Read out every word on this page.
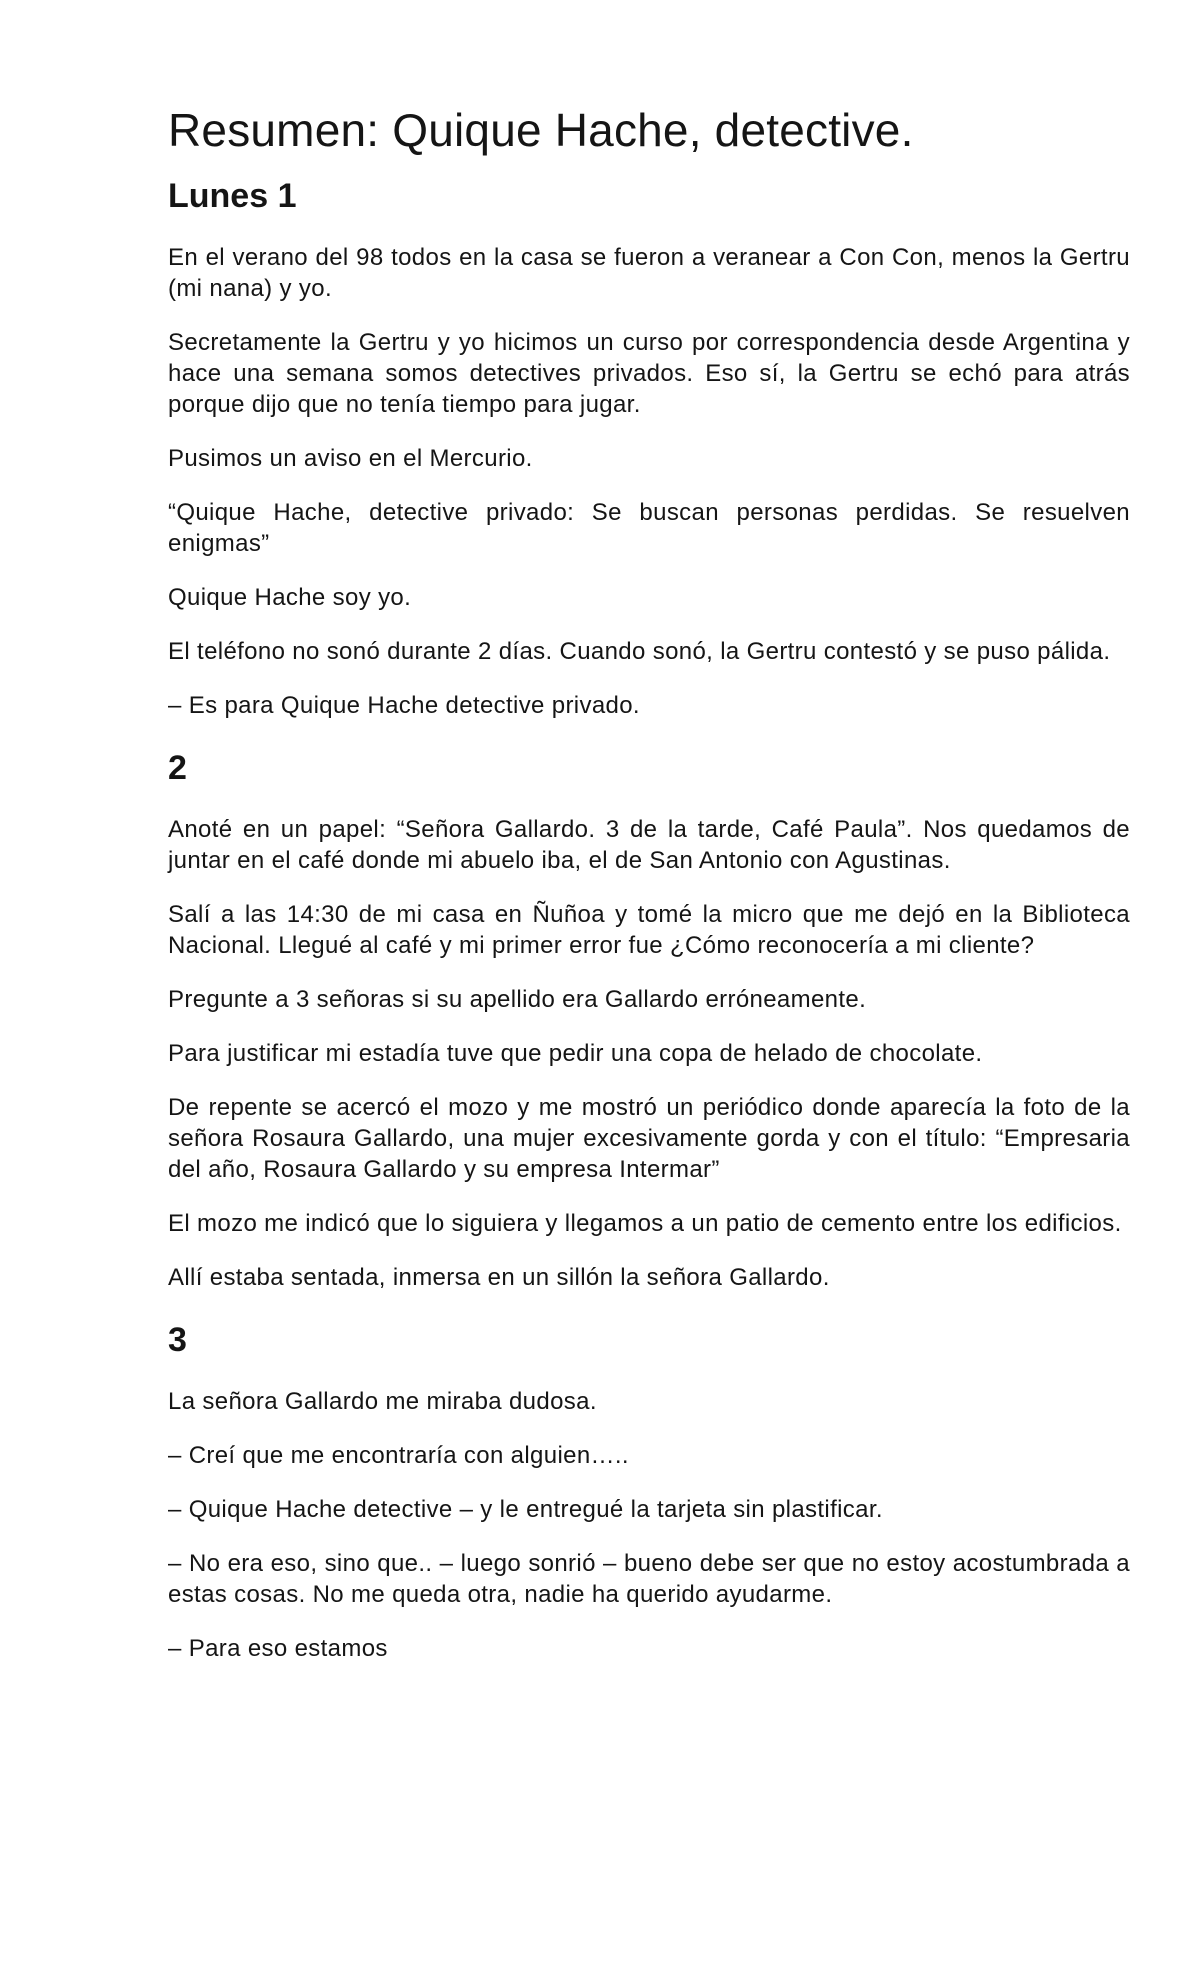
Resumen: Quique Hache, detective.
Lunes 1

En el verano del 98 todos en la casa se fueron a veranear a Con Con, menos la Gertru (mi nana) y yo.

Secretamente la Gertru y yo hicimos un curso por correspondencia desde Argentina y hace una semana somos detectives privados. Eso sí, la Gertru se echó para atrás porque dijo que no tenía tiempo para jugar.

Pusimos un aviso en el Mercurio.

“Quique Hache, detective privado: Se buscan personas perdidas. Se resuelven enigmas”

Quique Hache soy yo.

El teléfono no sonó durante 2 días. Cuando sonó, la Gertru contestó y se puso pálida.

– Es para Quique Hache detective privado.

2

Anoté en un papel: “Señora Gallardo. 3 de la tarde, Café Paula”. Nos quedamos de juntar en el café donde mi abuelo iba, el de San Antonio con Agustinas.

Salí a las 14:30 de mi casa en Ñuñoa y tomé la micro que me dejó en la Biblioteca Nacional. Llegué al café y mi primer error fue ¿Cómo reconocería a mi cliente?

Pregunte a 3 señoras si su apellido era Gallardo erróneamente.

Para justificar mi estadía tuve que pedir una copa de helado de chocolate.

De repente se acercó el mozo y me mostró un periódico donde aparecía la foto de la señora Rosaura Gallardo, una mujer excesivamente gorda y con el título: “Empresaria del año, Rosaura Gallardo y su empresa Intermar”

El mozo me indicó que lo siguiera y llegamos a un patio de cemento entre los edificios.

Allí estaba sentada, inmersa en un sillón la señora Gallardo.

3

La señora Gallardo me miraba dudosa.

– Creí que me encontraría con alguien…..

– Quique Hache detective – y le entregué la tarjeta sin plastificar.

– No era eso, sino que.. – luego sonrió – bueno debe ser que no estoy acostumbrada a estas cosas. No me queda otra, nadie ha querido ayudarme.

– Para eso estamos
